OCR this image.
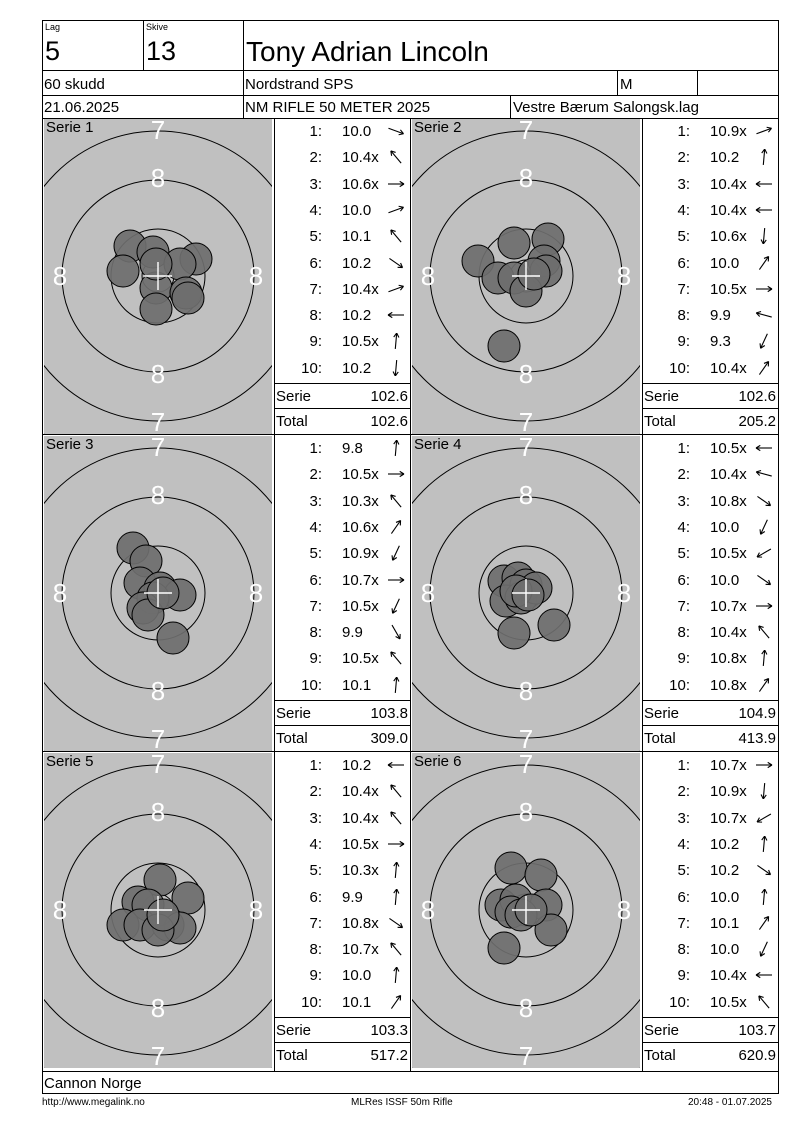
Lag
5
Skive
13 Tony Adrian Lincoln
60 skudd	Nordstrand SPS	M
21.06.2025	NM RIFLE 50 METER 2025	Vestre Bærum Salongsk.lag
7
7
8
8
8	8
Serie 1	1: 10.0
2: 10.4x
3: 10.6x
4: 10.0
5: 10.1
6: 10.2
7: 10.4x
8: 10.2
9: 10.5x
10: 10.2
Serie	102.6
Total	102.6
7
7
8
8
8	8
Serie 2	1: 10.9x
2: 10.2
3: 10.4x
4: 10.4x
5: 10.6x
6: 10.0
7: 10.5x
8: 9.9
9: 9.3
10: 10.4x
Serie	102.6
Total	205.2
7
7
8
8
8	8
Serie 3	1: 9.8
2: 10.5x
3: 10.3x
4: 10.6x
5: 10.9x
6: 10.7x
7: 10.5x
8: 9.9
9: 10.5x
10: 10.1
Serie	103.8
Total	309.0
7
7
8
8
8	8
Serie 4	1: 10.5x
2: 10.4x
3: 10.8x
4: 10.0
5: 10.5x
6: 10.0
7: 10.7x
8: 10.4x
9: 10.8x
10: 10.8x
Serie	104.9
Total	413.9
7
7
8
8
8	8
Serie 5	1: 10.2
2: 10.4x
3: 10.4x
4: 10.5x
5: 10.3x
6: 9.9
7: 10.8x
8: 10.7x
9: 10.0
10: 10.1
Serie	103.3
Total	517.2
7
7
8
8
8	8
Serie 6	1: 10.7x
2: 10.9x
3: 10.7x
4: 10.2
5: 10.2
6: 10.0
7: 10.1
8: 10.0
9: 10.4x
10: 10.5x
Serie	103.7
Total	620.9
Cannon Norge
http://www.megalink.no	MLRes ISSF 50m Rifle	20:48 - 01.07.2025
